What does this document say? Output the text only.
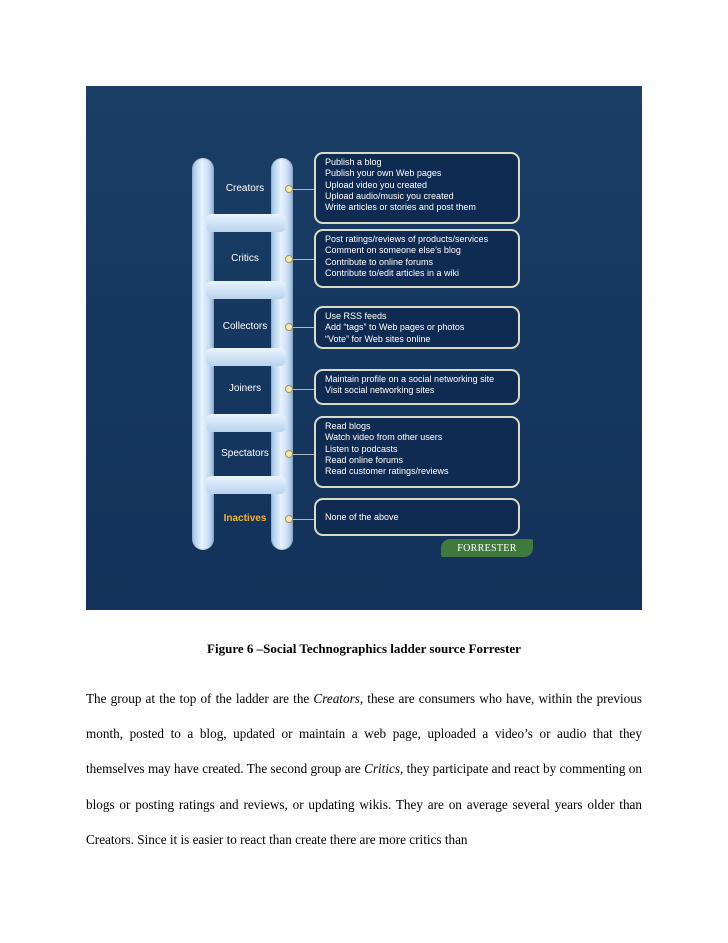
Creators
Critics
Collectors
Joiners
Spectators
Inactives
Publish a blog
Publish your own Web pages
Upload video you created
Upload audio/music you created
Write articles or stories and post them
Post ratings/reviews of products/services
Comment on someone else’s blog
Contribute to online forums
Contribute to/edit articles in a wiki
Use RSS feeds
Add “tags” to Web pages or photos
“Vote” for Web sites online
Maintain profile on a social networking site
Visit social networking sites
Read blogs
Watch video from other users
Listen to podcasts
Read online forums
Read customer ratings/reviews
None of the above
FORRESTER
Figure 6 –Social Technographics ladder source Forrester

The group at the top of the ladder are the Creators, these are consumers who have, within the previous month, posted to a blog, updated or maintain a web page, uploaded a video’s or audio that they themselves may have created. The second group are Critics, they participate and react by commenting on blogs or posting ratings and reviews, or updating wikis. They are on average several years older than Creators. Since it is easier to react than create there are more critics than
